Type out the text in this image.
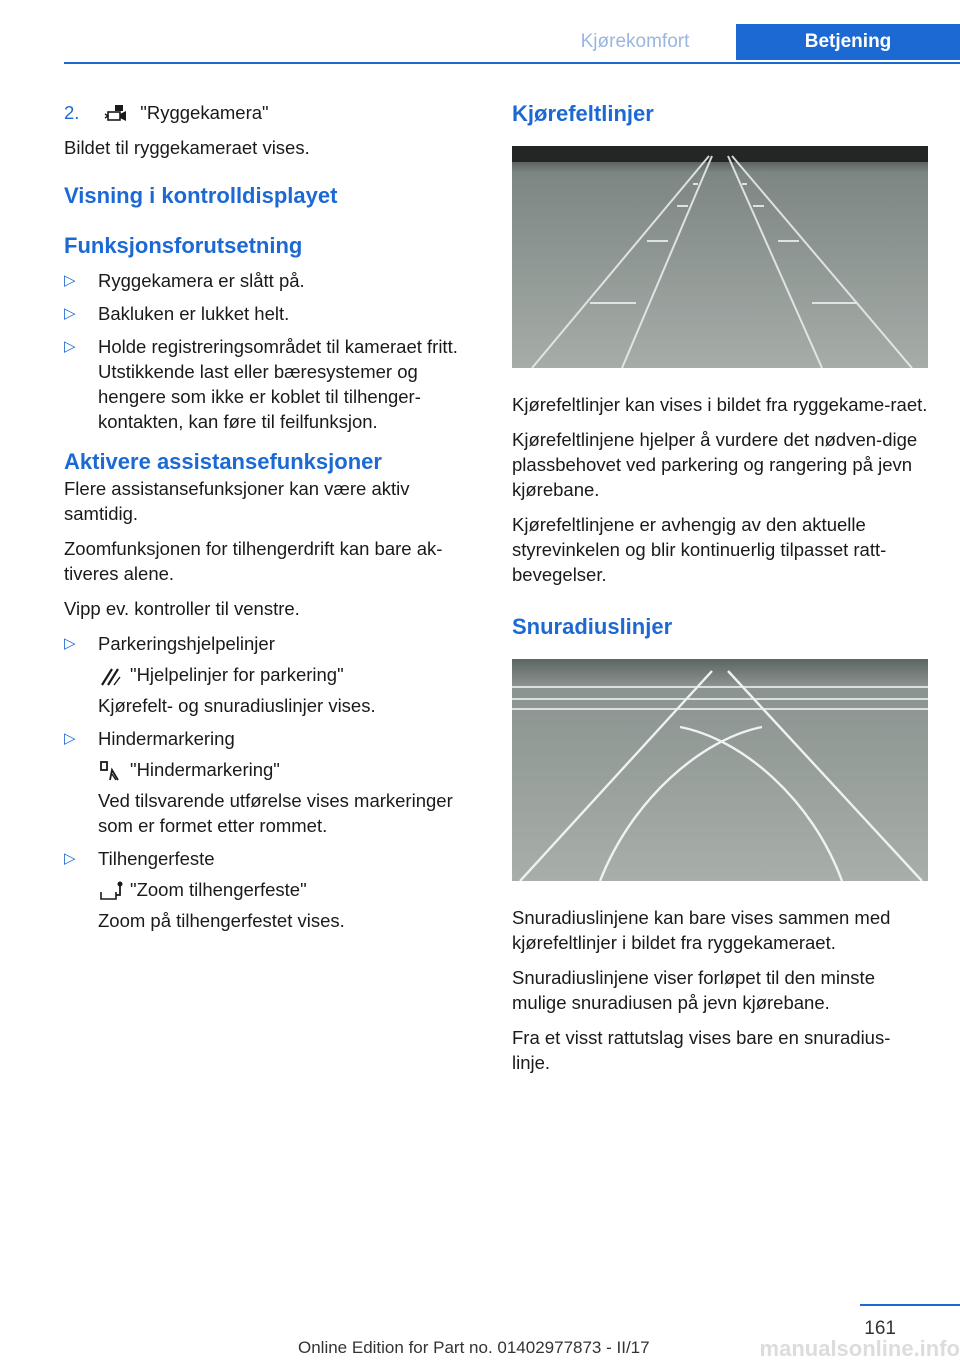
Kjørekomfort	Betjening

2.	"Ryggekamera"

Bildet til ryggekameraet vises.

Visning i kontrolldisplayet
Funksjonsforutsetning
▷ Ryggekamera er slått på.
▷ Bakluken er lukket helt.
▷ Holde registreringsområdet til kameraet fritt. Utstikkende last eller bæresystemer og hengere som ikke er koblet til tilhenger-kontakten, kan føre til feilfunksjon.
Aktivere assistansefunksjoner

Flere assistansefunksjoner kan være aktiv samtidig.

Zoomfunksjonen for tilhengerdrift kan bare ak-tiveres alene.

Vipp ev. kontroller til venstre.

▷ Parkeringshjelpelinjer
"Hjelpelinjer for parkering"
Kjørefelt- og snuradiuslinjer vises.
▷ Hindermarkering
"Hindermarkering"
Ved tilsvarende utførelse vises markeringer som er formet etter rommet.
▷ Tilhengerfeste
"Zoom tilhengerfeste"
Zoom på tilhengerfestet vises.
Kjørefeltlinjer

Kjørefeltlinjer kan vises i bildet fra ryggekame-raet.

Kjørefeltlinjene hjelper å vurdere det nødven-dige plassbehovet ved parkering og rangering på jevn kjørebane.

Kjørefeltlinjene er avhengig av den aktuelle styrevinkelen og blir kontinuerlig tilpasset ratt-bevegelser.

Snuradiuslinjer

Snuradiuslinjene kan bare vises sammen med kjørefeltlinjer i bildet fra ryggekameraet.

Snuradiuslinjene viser forløpet til den minste mulige snuradiusen på jevn kjørebane.

Fra et visst rattutslag vises bare en snuradius-linje.

161
Online Edition for Part no. 01402977873 - II/17	manualsonline.info
